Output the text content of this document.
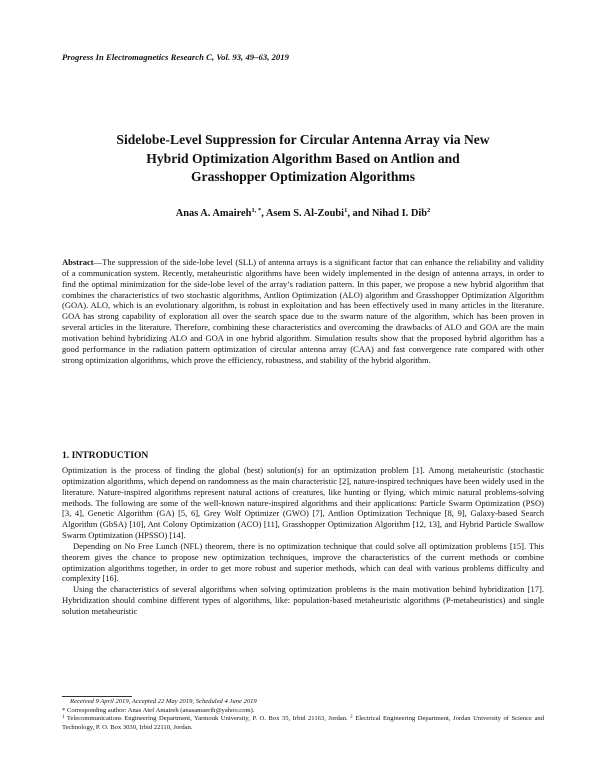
Progress In Electromagnetics Research C, Vol. 93, 49–63, 2019
Sidelobe-Level Suppression for Circular Antenna Array via New
Hybrid Optimization Algorithm Based on Antlion and
Grasshopper Optimization Algorithms
Anas A. Amaireh$^{1, *}$, Asem S. Al-Zoubi$^1$, and Nihad I. Dib$^2$
Abstract—The suppression of the side-lobe level (SLL) of antenna arrays is a significant factor that can enhance the reliability and validity of a communication system. Recently, metaheuristic algorithms have been widely implemented in the design of antenna arrays, in order to find the optimal minimization for the side-lobe level of the array’s radiation pattern. In this paper, we propose a new hybrid algorithm that combines the characteristics of two stochastic algorithms, Antlion Optimization (ALO) algorithm and Grasshopper Optimization Algorithm (GOA). ALO, which is an evolutionary algorithm, is robust in exploitation and has been effectively used in many articles in the literature. GOA has strong capability of exploration all over the search space due to the swarm nature of the algorithm, which has been proven in several articles in the literature. Therefore, combining these characteristics and overcoming the drawbacks of ALO and GOA are the main motivation behind hybridizing ALO and GOA in one hybrid algorithm. Simulation results show that the proposed hybrid algorithm has a good performance in the radiation pattern optimization of circular antenna array (CAA) and fast convergence rate compared with other strong optimization algorithms, which prove the efficiency, robustness, and stability of the hybrid algorithm.
1. INTRODUCTION

Optimization is the process of finding the global (best) solution(s) for an optimization problem [1]. Among metaheuristic (stochastic optimization algorithms, which depend on randomness as the main characteristic [2], nature-inspired techniques have been widely used in the literature. Nature-inspired algorithms represent natural actions of creatures, like hunting or flying, which mimic natural problems-solving methods. The following are some of the well-known nature-inspired algorithms and their applications: Particle Swarm Optimization (PSO) [3, 4], Genetic Algorithm (GA) [5, 6], Grey Wolf Optimizer (GWO) [7], Antlion Optimization Technique [8, 9], Galaxy-based Search Algorithm (GbSA) [10], Ant Colony Optimization (ACO) [11], Grasshopper Optimization Algorithm [12, 13], and Hybrid Particle Swallow Swarm Optimization (HPSSO) [14].

Depending on No Free Lunch (NFL) theorem, there is no optimization technique that could solve all optimization problems [15]. This theorem gives the chance to propose new optimization techniques, improve the characteristics of the current methods or combine optimization algorithms together, in order to get more robust and superior methods, which can deal with various problems difficulty and complexity [16].

Using the characteristics of several algorithms when solving optimization problems is the main motivation behind hybridization [17]. Hybridization should combine different types of algorithms, like: population-based metaheuristic algorithms (P-metaheuristics) and single solution metaheuristic

Received 9 April 2019, Accepted 22 May 2019, Scheduled 4 June 2019
* Corresponding author: Anas Atef Amaireh (anasamaerih@yahoo.com).
$^1$ Telecommunications Engineering Department, Yarmouk University, P. O. Box 35, Irbid 21163, Jordan. $^2$ Electrical Engineering Department, Jordan University of Science and Technology, P. O. Box 3030, Irbid 22110, Jordan.
